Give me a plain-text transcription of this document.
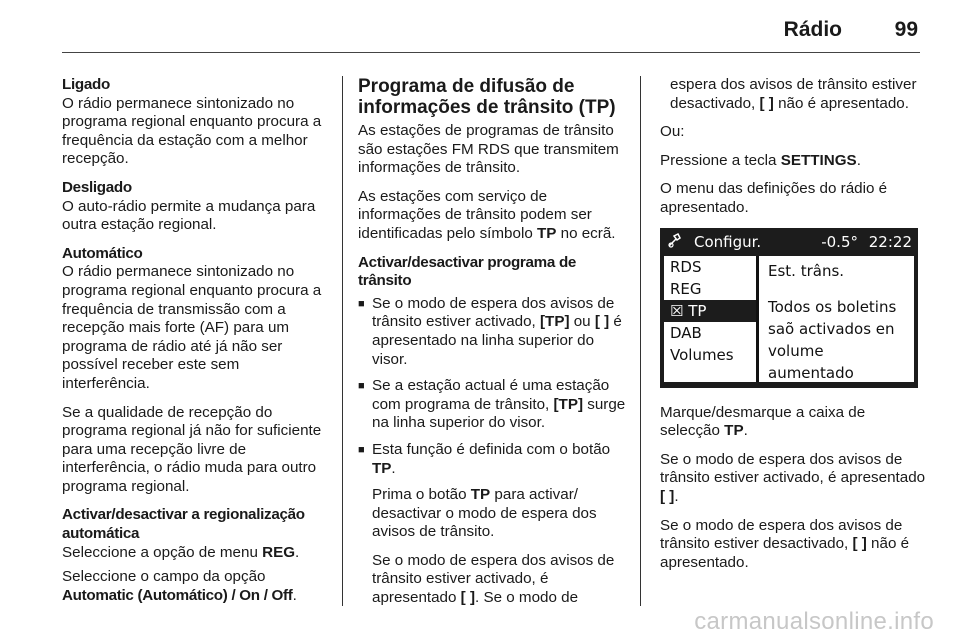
Rádio	99

Ligado
O rádio permanece sintonizado no programa regional enquanto procura a frequência da estação com a melhor recepção.

Desligado
O auto-rádio permite a mudança para outra estação regional.

Automático
O rádio permanece sintonizado no programa regional enquanto procura a frequência de transmissão com a recepção mais forte (AF) para um programa de rádio até já não ser possível receber este sem interferência.

Se a qualidade de recepção do programa regional já não for suficiente para uma recepção livre de interferência, o rádio muda para outro programa regional.

Activar/desactivar a regionalização automática
Seleccione a opção de menu REG.

Seleccione o campo da opção Automatic (Automático) / On / Off.

Programa de difusão de informações de trânsito (TP)

As estações de programas de trânsito são estações FM RDS que transmitem informações de trânsito.

As estações com serviço de informações de trânsito podem ser identificadas pelo símbolo TP no ecrã.

Activar/desactivar programa de trânsito

■ Se o modo de espera dos avisos de trânsito estiver activado, [TP] ou [ ] é apresentado na linha superior do visor.
■ Se a estação actual é uma estação com programa de trânsito, [TP] surge na linha superior do visor.
■ Esta função é definida com o botão TP.

Prima o botão TP para activar/ desactivar o modo de espera dos avisos de trânsito.

Se o modo de espera dos avisos de trânsito estiver activado, é apresentado [ ]. Se o modo de

espera dos avisos de trânsito estiver desactivado, [ ] não é apresentado.

Ou:

Pressione a tecla SETTINGS.

O menu das definições do rádio é apresentado.

Configur.	-0.5° 22:22
RDS
REG
☒ TP
DAB
Volumes
Est. trâns.
Todos os boletins
saõ activados en
volume aumentado

Marque/desmarque a caixa de selecção TP.

Se o modo de espera dos avisos de trânsito estiver activado, é apresentado [ ].

Se o modo de espera dos avisos de trânsito estiver desactivado, [ ] não é apresentado.

carmanualsonline.info
